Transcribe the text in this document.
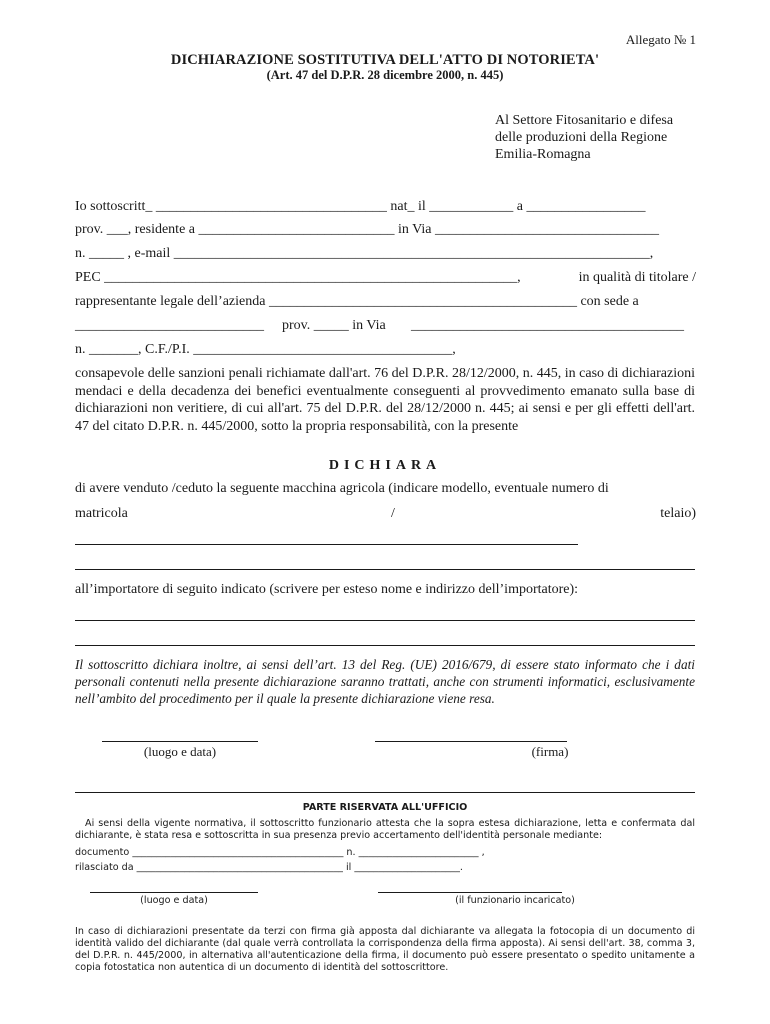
Allegato № 1
DICHIARAZIONE SOSTITUTIVA DELL'ATTO DI NOTORIETA'
(Art. 47 del D.P.R. 28 dicembre 2000, n. 445)
Al Settore Fitosanitario e difesa
delle produzioni della Regione
Emilia-Romagna
Io sottoscritt_ _________________________________ nat_ il ____________ a _________________
prov. ___, residente a ____________________________ in Via ________________________________
n. _____ , e-mail ____________________________________________________________________,
PEC ___________________________________________________________,	in qualità di titolare /
rappresentante legale dell’azienda ____________________________________________ con sede a
___________________________ prov. _____ in Via _______________________________________
n. _______, C.F./P.I. _____________________________________,
consapevole delle sanzioni penali richiamate dall'art. 76 del D.P.R. 28/12/2000, n. 445, in caso di dichiarazioni mendaci e della decadenza dei benefici eventualmente conseguenti al provvedimento emanato sulla base di dichiarazioni non veritiere, di cui all'art. 75 del D.P.R. del 28/12/2000 n. 445; ai sensi e per gli effetti dell'art. 47 del citato D.P.R. n. 445/2000, sotto la propria responsabilità, con la presente
DICHIARA
di avere venduto /ceduto la seguente macchina agricola (indicare modello, eventuale numero di
matricola	/	telaio)
all’importatore di seguito indicato (scrivere per esteso nome e indirizzo dell’importatore):
Il sottoscritto dichiara inoltre, ai sensi dell’art. 13 del Reg. (UE) 2016/679, di essere stato informato che i dati personali contenuti nella presente dichiarazione saranno trattati, anche con strumenti informatici, esclusivamente nell’ambito del procedimento per il quale la presente dichiarazione viene resa.
(luogo e data)	(firma)
PARTE RISERVATA ALL'UFFICIO
Ai sensi della vigente normativa, il sottoscritto funzionario attesta che la sopra estesa dichiarazione, letta e confermata dal dichiarante, è stata resa e sottoscritta in sua presenza previo accertamento dell'identità personale mediante:
documento ____________________________________________ n. _________________________ ,
rilasciato da ___________________________________________ il ______________________.
(luogo e data)	(il funzionario incaricato)
In caso di dichiarazioni presentate da terzi con firma già apposta dal dichiarante va allegata la fotocopia di un documento di identità valido del dichiarante (dal quale verrà controllata la corrispondenza della firma apposta). Ai sensi dell'art. 38, comma 3, del D.P.R. n. 445/2000, in alternativa all'autenticazione della firma, il documento può essere presentato o spedito unitamente a copia fotostatica non autentica di un documento di identità del sottoscrittore.
